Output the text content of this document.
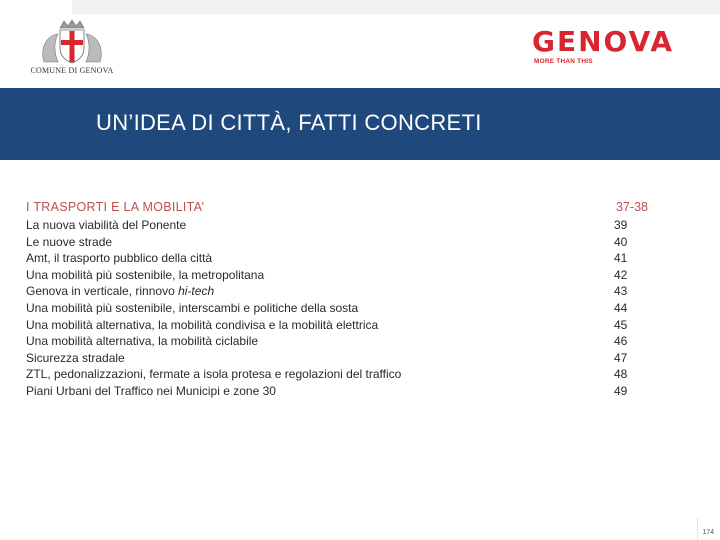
COMUNE DI GENOVA
GENOVA
MORE THAN THIS
UN’IDEA DI CITTÀ, FATTI CONCRETI
I TRASPORTI E LA MOBILITA’	37-38
La nuova viabilità del Ponente	39
Le nuove strade	40
Amt, il trasporto pubblico della città	41
Una mobilità più sostenibile, la metropolitana	42
Genova in verticale, rinnovo hi-tech	43
Una mobilità più sostenibile, interscambi e politiche della sosta	44
Una mobilità alternativa, la mobilità condivisa e la mobilità elettrica	45
Una mobilità alternativa, la mobilità ciclabile	46
Sicurezza stradale	47
ZTL, pedonalizzazioni, fermate a isola protesa e regolazioni del traffico	48
Piani Urbani del Traffico nei Municipi e zone 30	49
174
